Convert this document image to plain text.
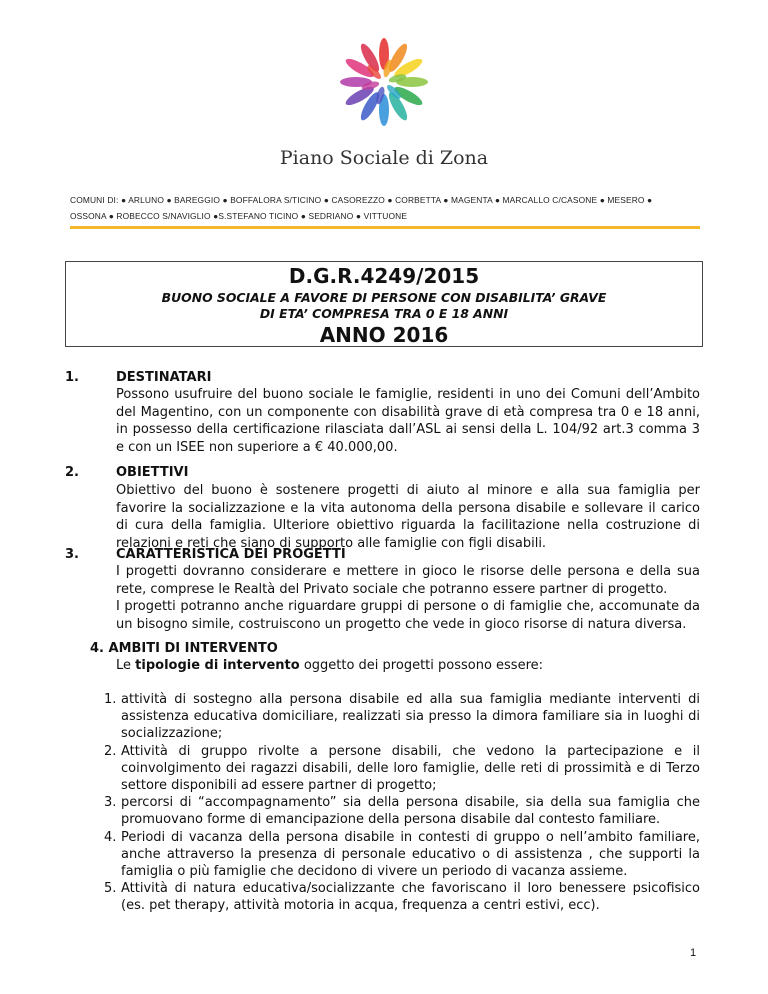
Piano Sociale di Zona
COMUNI DI: ● ARLUNO ● BAREGGIO ● BOFFALORA S/TICINO ● CASOREZZO ● CORBETTA ● MAGENTA ● MARCALLO C/CASONE ● MESERO ●
OSSONA ● ROBECCO S/NAVIGLIO ●S.STEFANO TICINO ● SEDRIANO ● VITTUONE
D.G.R.4249/2015
BUONO SOCIALE A FAVORE DI PERSONE CON DISABILITA’ GRAVE
DI ETA’ COMPRESA TRA 0 E 18 ANNI
ANNO 2016
1.	DESTINATARI
Possono usufruire del buono sociale le famiglie, residenti in uno dei Comuni dell’Ambito del Magentino, con un componente con disabilità grave di età compresa tra 0 e 18 anni, in possesso della certificazione rilasciata dall’ASL ai sensi della L. 104/92 art.3 comma 3 e con un ISEE non superiore a € 40.000,00.
2.	OBIETTIVI
Obiettivo del buono è sostenere progetti di aiuto al minore e alla sua famiglia per favorire la socializzazione e la vita autonoma della persona disabile e sollevare il carico di cura della famiglia. Ulteriore obiettivo riguarda la facilitazione nella costruzione di relazioni e reti che siano di supporto alle famiglie con figli disabili.
3.	CARATTERISTICA DEI PROGETTI
I progetti dovranno considerare e mettere in gioco le risorse delle persona e della sua rete, comprese le Realtà del Privato sociale che potranno essere partner di progetto.
I progetti potranno anche riguardare gruppi di persone o di famiglie che, accomunate da un bisogno simile, costruiscono un progetto che vede in gioco risorse di natura diversa.
4. AMBITI DI INTERVENTO
Le tipologie di intervento oggetto dei progetti possono essere:
1. attività di sostegno alla persona disabile ed alla sua famiglia mediante interventi di assistenza educativa domiciliare, realizzati sia presso la dimora familiare sia in luoghi di socializzazione;
2. Attività di gruppo rivolte a persone disabili, che vedono la partecipazione e il coinvolgimento dei ragazzi disabili, delle loro famiglie, delle reti di prossimità e di Terzo settore disponibili ad essere partner di progetto;
3. percorsi di “accompagnamento” sia della persona disabile, sia della sua famiglia che promuovano forme di emancipazione della persona disabile dal contesto familiare.
4. Periodi di vacanza della persona disabile in contesti di gruppo o nell’ambito familiare, anche attraverso la presenza di personale educativo o di assistenza , che supporti la famiglia o più famiglie che decidono di vivere un periodo di vacanza assieme.
5. Attività di natura educativa/socializzante che favoriscano il loro benessere psicofisico (es. pet therapy, attività motoria in acqua, frequenza a centri estivi, ecc).
1
